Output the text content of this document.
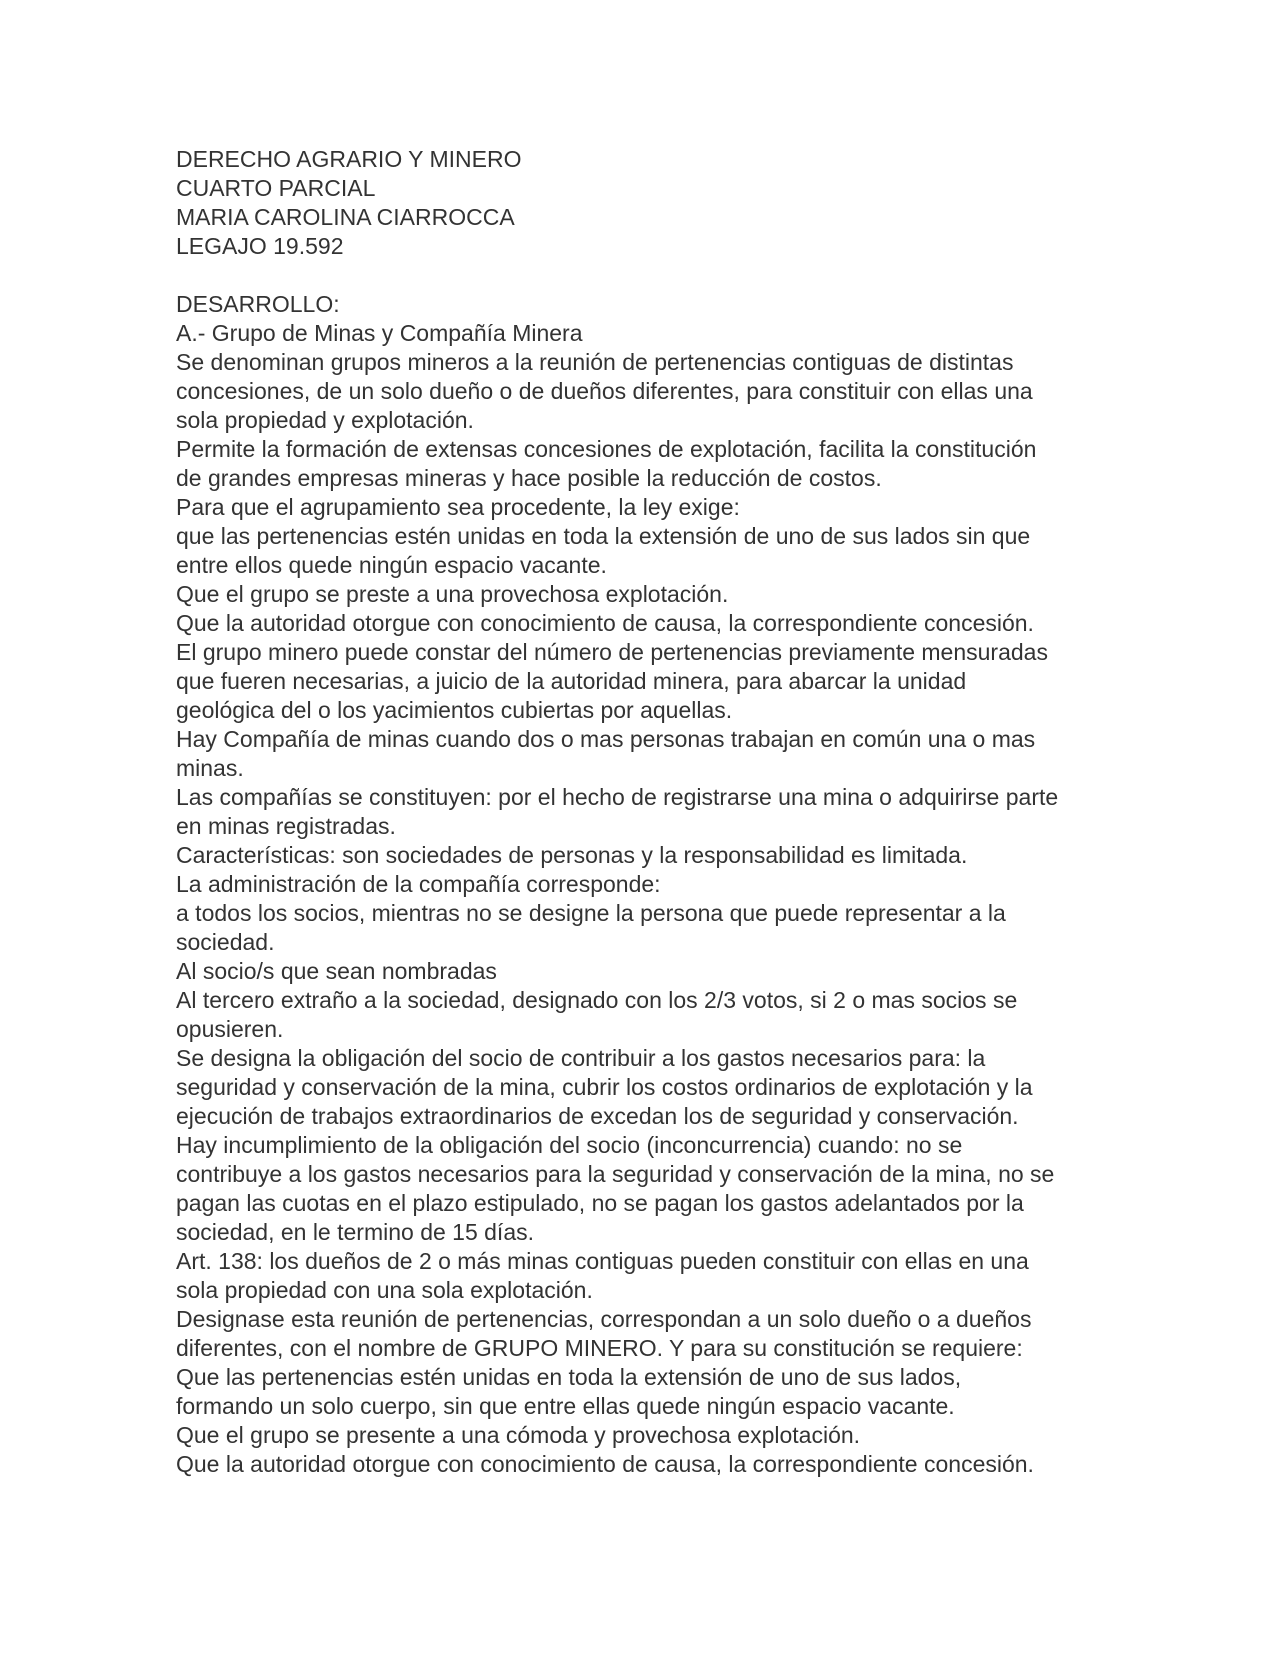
DERECHO AGRARIO Y MINERO
CUARTO PARCIAL
MARIA CAROLINA CIARROCCA
LEGAJO 19.592
DESARROLLO:
A.- Grupo de Minas y Compañía Minera
Se denominan grupos mineros a la reunión de pertenencias contiguas de distintas
concesiones, de un solo dueño o de dueños diferentes, para constituir con ellas una
sola propiedad y explotación.
Permite la formación de extensas concesiones de explotación, facilita la constitución
de grandes empresas mineras y hace posible la reducción de costos.
Para que el agrupamiento sea procedente, la ley exige:
que las pertenencias estén unidas en toda la extensión de uno de sus lados sin que
entre ellos quede ningún espacio vacante.
Que el grupo se preste a una provechosa explotación.
Que la autoridad otorgue con conocimiento de causa, la correspondiente concesión.
El grupo minero puede constar del número de pertenencias previamente mensuradas
que fueren necesarias, a juicio de la autoridad minera, para abarcar la unidad
geológica del o los yacimientos cubiertas por aquellas.
Hay Compañía de minas cuando dos o mas personas trabajan en común una o mas
minas.
Las compañías se constituyen: por el hecho de registrarse una mina o adquirirse parte
en minas registradas.
Características: son sociedades de personas y la responsabilidad es limitada.
La administración de la compañía corresponde:
a todos los socios, mientras no se designe la persona que puede representar a la
sociedad.
Al socio/s que sean nombradas
Al tercero extraño a la sociedad, designado con los 2/3 votos, si 2 o mas socios se
opusieren.
Se designa la obligación del socio de contribuir a los gastos necesarios para: la
seguridad y conservación de la mina, cubrir los costos ordinarios de explotación y la
ejecución de trabajos extraordinarios de excedan los de seguridad y conservación.
Hay incumplimiento de la obligación del socio (inconcurrencia) cuando: no se
contribuye a los gastos necesarios para la seguridad y conservación de la mina, no se
pagan las cuotas en el plazo estipulado, no se pagan los gastos adelantados por la
sociedad, en le termino de 15 días.
Art. 138: los dueños de 2 o más minas contiguas pueden constituir con ellas en una
sola propiedad con una sola explotación.
Designase esta reunión de pertenencias, correspondan a un solo dueño o a dueños
diferentes, con el nombre de GRUPO MINERO. Y para su constitución se requiere:
Que las pertenencias estén unidas en toda la extensión de uno de sus lados,
formando un solo cuerpo, sin que entre ellas quede ningún espacio vacante.
Que el grupo se presente a una cómoda y provechosa explotación.
Que la autoridad otorgue con conocimiento de causa, la correspondiente concesión.
